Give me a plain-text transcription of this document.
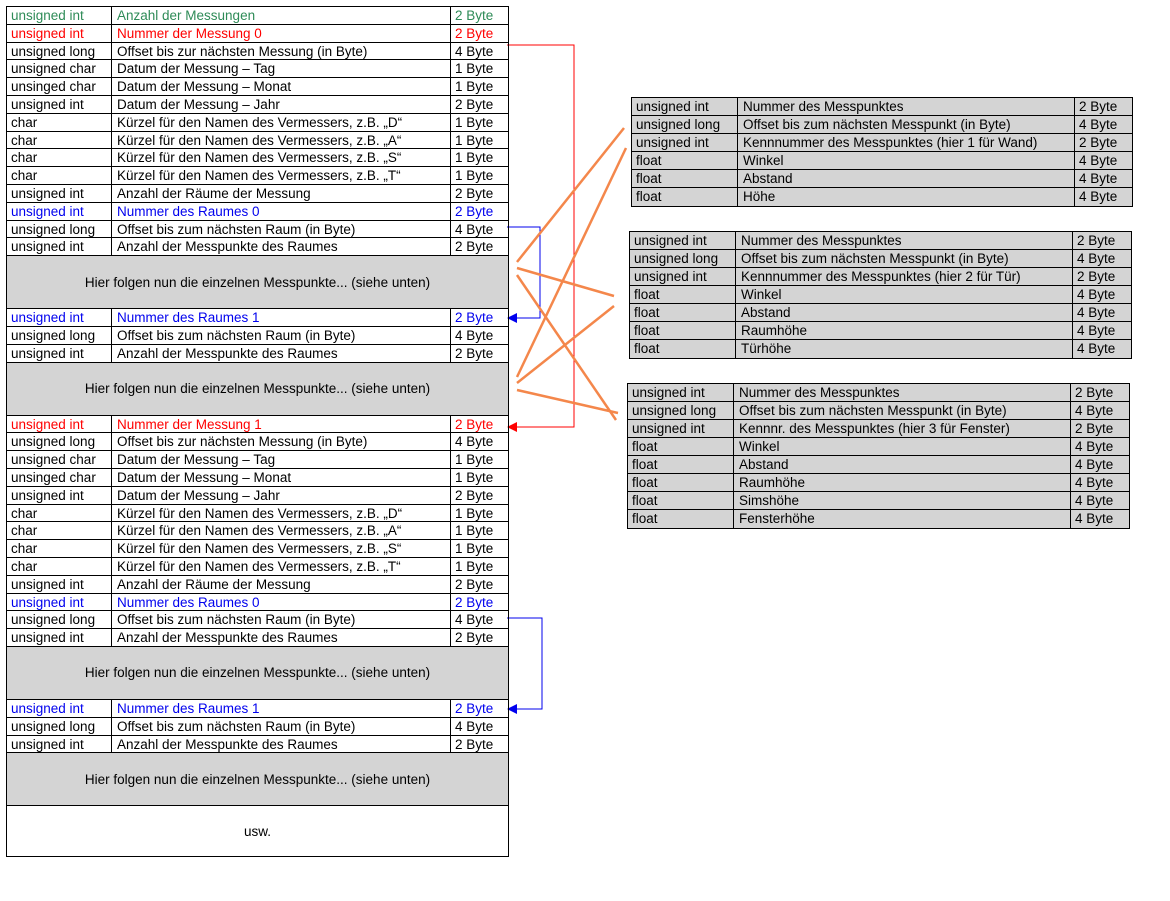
unsigned int	Anzahl der Messungen	2 Byte
unsigned int	Nummer der Messung 0	2 Byte
unsigned long	Offset bis zur nächsten Messung (in Byte)	4 Byte
unsigned char	Datum der Messung – Tag	1 Byte
unsinged char	Datum der Messung – Monat	1 Byte
unsigned int	Datum der Messung – Jahr	2 Byte
char	Kürzel für den Namen des Vermessers, z.B. „D“	1 Byte
char	Kürzel für den Namen des Vermessers, z.B. „A“	1 Byte
char	Kürzel für den Namen des Vermessers, z.B. „S“	1 Byte
char	Kürzel für den Namen des Vermessers, z.B. „T“	1 Byte
unsigned int	Anzahl der Räume der Messung	2 Byte
unsigned int	Nummer des Raumes 0	2 Byte
unsigned long	Offset bis zum nächsten Raum (in Byte)	4 Byte
unsigned int	Anzahl der Messpunkte des Raumes	2 Byte
Hier folgen nun die einzelnen Messpunkte... (siehe unten)
unsigned int	Nummer des Raumes 1	2 Byte
unsigned long	Offset bis zum nächsten Raum (in Byte)	4 Byte
unsigned int	Anzahl der Messpunkte des Raumes	2 Byte
Hier folgen nun die einzelnen Messpunkte... (siehe unten)
unsigned int	Nummer der Messung 1	2 Byte
unsigned long	Offset bis zur nächsten Messung (in Byte)	4 Byte
unsigned char	Datum der Messung – Tag	1 Byte
unsinged char	Datum der Messung – Monat	1 Byte
unsigned int	Datum der Messung – Jahr	2 Byte
char	Kürzel für den Namen des Vermessers, z.B. „D“	1 Byte
char	Kürzel für den Namen des Vermessers, z.B. „A“	1 Byte
char	Kürzel für den Namen des Vermessers, z.B. „S“	1 Byte
char	Kürzel für den Namen des Vermessers, z.B. „T“	1 Byte
unsigned int	Anzahl der Räume der Messung	2 Byte
unsigned int	Nummer des Raumes 0	2 Byte
unsigned long	Offset bis zum nächsten Raum (in Byte)	4 Byte
unsigned int	Anzahl der Messpunkte des Raumes	2 Byte
Hier folgen nun die einzelnen Messpunkte... (siehe unten)
unsigned int	Nummer des Raumes 1	2 Byte
unsigned long	Offset bis zum nächsten Raum (in Byte)	4 Byte
unsigned int	Anzahl der Messpunkte des Raumes	2 Byte
Hier folgen nun die einzelnen Messpunkte... (siehe unten)
usw.
unsigned int	Nummer des Messpunktes	2 Byte
unsigned long	Offset bis zum nächsten Messpunkt (in Byte)	4 Byte
unsigned int	Kennnummer des Messpunktes (hier 1 für Wand)	2 Byte
float	Winkel	4 Byte
float	Abstand	4 Byte
float	Höhe	4 Byte
unsigned int	Nummer des Messpunktes	2 Byte
unsigned long	Offset bis zum nächsten Messpunkt (in Byte)	4 Byte
unsigned int	Kennnummer des Messpunktes (hier 2 für Tür)	2 Byte
float	Winkel	4 Byte
float	Abstand	4 Byte
float	Raumhöhe	4 Byte
float	Türhöhe	4 Byte
unsigned int	Nummer des Messpunktes	2 Byte
unsigned long	Offset bis zum nächsten Messpunkt (in Byte)	4 Byte
unsigned int	Kennnr. des Messpunktes (hier 3 für Fenster)	2 Byte
float	Winkel	4 Byte
float	Abstand	4 Byte
float	Raumhöhe	4 Byte
float	Simshöhe	4 Byte
float	Fensterhöhe	4 Byte
